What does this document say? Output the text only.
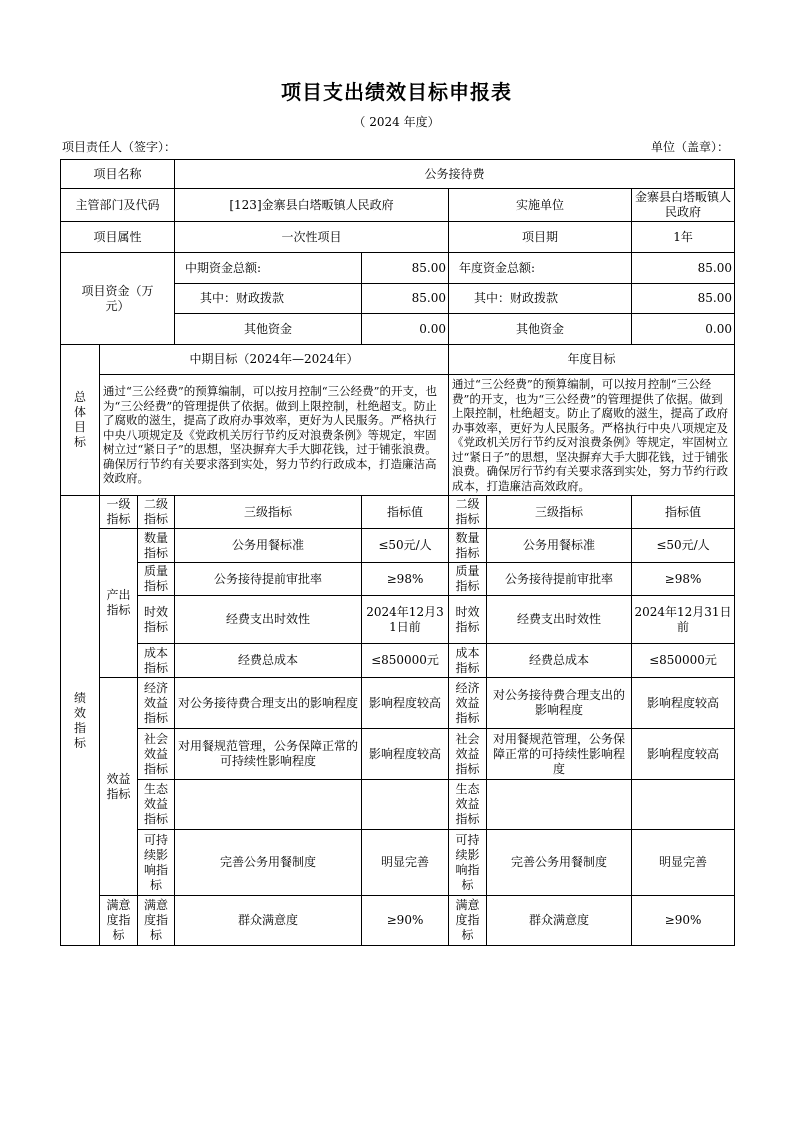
项目支出绩效目标申报表
（ 2024 年度）
项目责任人（签字）：	单位（盖章）：
项目名称			公务接待费				
主管部门及代码			[123]金寨县白塔畈镇人民政府		实施单位		金寨县白塔畈镇人民政府
项目属性			一次性项目		项目期		1年
项目资金（万元）			中期资金总额:	85.00	年度资金总额:		85.00
			其中：财政拨款	85.00	其中：财政拨款		85.00
			其他资金	0.00	其他资金		0.00
总体目标	中期目标（2024年—2024年）				年度目标		
	通过“三公经费”的预算编制，可以按月控制“三公经费”的开支，也为“三公经费”的管理提供了依据。做到上限控制，杜绝超支。防止了腐败的滋生，提高了政府办事效率，更好为人民服务。严格执行中央八项规定及《党政机关厉行节约反对浪费条例》等规定，牢固树立过“紧日子”的思想，坚决摒弃大手大脚花钱，过于铺张浪费。确保厉行节约有关要求落到实处，努力节约行政成本，打造廉洁高效政府。				通过“三公经费”的预算编制，可以按月控制“三公经费”的开支，也为“三公经费”的管理提供了依据。做到上限控制，杜绝超支。防止了腐败的滋生，提高了政府办事效率，更好为人民服务。严格执行中央八项规定及《党政机关厉行节约反对浪费条例》等规定，牢固树立过“紧日子”的思想，坚决摒弃大手大脚花钱，过于铺张浪费。确保厉行节约有关要求落到实处，努力节约行政成本，打造廉洁高效政府。		
绩效指标	一级指标	二级指标	三级指标	指标值	二级指标	三级指标	指标值
	产出指标	数量指标	公务用餐标准	≤50元/人	数量指标	公务用餐标准	≤50元/人
		质量指标	公务接待提前审批率	≥98%	质量指标	公务接待提前审批率	≥98%
		时效指标	经费支出时效性	2024年12月31日前	时效指标	经费支出时效性	2024年12月31日前
		成本指标	经费总成本	≤850000元	成本指标	经费总成本	≤850000元
	效益指标	经济效益指标	对公务接待费合理支出的影响程度	影响程度较高	经济效益指标	对公务接待费合理支出的影响程度	影响程度较高
		社会效益指标	对用餐规范管理，公务保障正常的可持续性影响程度	影响程度较高	社会效益指标	对用餐规范管理，公务保障正常的可持续性影响程度	影响程度较高
		生态效益指标			生态效益指标		
		可持续影响指标	完善公务用餐制度	明显完善	可持续影响指标	完善公务用餐制度	明显完善
	满意度指标	满意度指标	群众满意度	≥90%	满意度指标	群众满意度	≥90%
